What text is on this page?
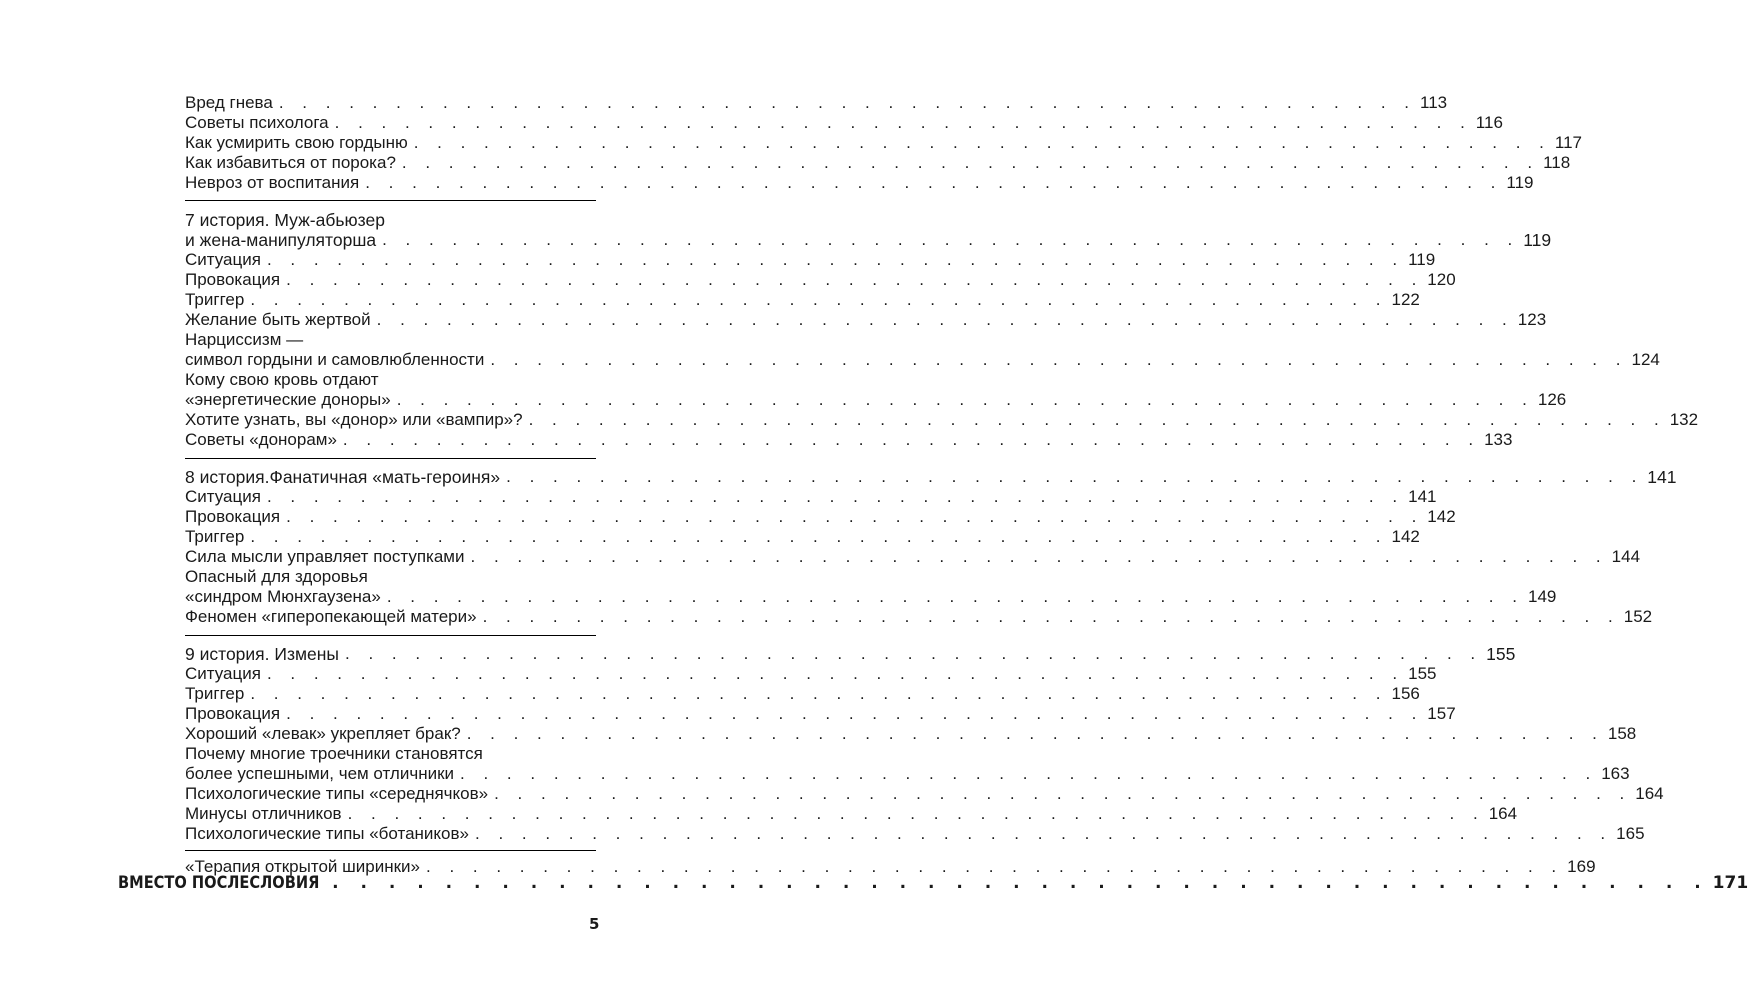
Вред гнева . . . . . . . . . . . . . . . . . . . . . . . . . . . . . . . . . . . . . . . . . . . . . . . . . 113
Советы психолога . . . . . . . . . . . . . . . . . . . . . . . . . . . . . . . . . . . . . . . . . . . . . . . . . 116
Как усмирить свою гордыню . . . . . . . . . . . . . . . . . . . . . . . . . . . . . . . . . . . . . . . . . . . . . . . . . 117
Как избавиться от порока? . . . . . . . . . . . . . . . . . . . . . . . . . . . . . . . . . . . . . . . . . . . . . . . . . 118
Невроз от воспитания . . . . . . . . . . . . . . . . . . . . . . . . . . . . . . . . . . . . . . . . . . . . . . . . . 119
7 история. Муж-абьюзер
и жена-манипуляторша . . . . . . . . . . . . . . . . . . . . . . . . . . . . . . . . . . . . . . . . . . . . . . . . . 119
Ситуация . . . . . . . . . . . . . . . . . . . . . . . . . . . . . . . . . . . . . . . . . . . . . . . . . 119
Провокация . . . . . . . . . . . . . . . . . . . . . . . . . . . . . . . . . . . . . . . . . . . . . . . . . 120
Триггер . . . . . . . . . . . . . . . . . . . . . . . . . . . . . . . . . . . . . . . . . . . . . . . . . 122
Желание быть жертвой . . . . . . . . . . . . . . . . . . . . . . . . . . . . . . . . . . . . . . . . . . . . . . . . . 123
Нарциссизм —
символ гордыни и самовлюбленности . . . . . . . . . . . . . . . . . . . . . . . . . . . . . . . . . . . . . . . . . . . . . . . . . 124
Кому свою кровь отдают
«энергетические доноры» . . . . . . . . . . . . . . . . . . . . . . . . . . . . . . . . . . . . . . . . . . . . . . . . . 126
Хотите узнать, вы «донор» или «вампир»? . . . . . . . . . . . . . . . . . . . . . . . . . . . . . . . . . . . . . . . . . . . . . . . . . 132
Советы «донорам» . . . . . . . . . . . . . . . . . . . . . . . . . . . . . . . . . . . . . . . . . . . . . . . . . 133
8 история.Фанатичная «мать-героиня» . . . . . . . . . . . . . . . . . . . . . . . . . . . . . . . . . . . . . . . . . . . . . . . . . 141
Ситуация . . . . . . . . . . . . . . . . . . . . . . . . . . . . . . . . . . . . . . . . . . . . . . . . . 141
Провокация . . . . . . . . . . . . . . . . . . . . . . . . . . . . . . . . . . . . . . . . . . . . . . . . . 142
Триггер . . . . . . . . . . . . . . . . . . . . . . . . . . . . . . . . . . . . . . . . . . . . . . . . . 142
Сила мысли управляет поступками . . . . . . . . . . . . . . . . . . . . . . . . . . . . . . . . . . . . . . . . . . . . . . . . . 144
Опасный для здоровья
«синдром Мюнхгаузена» . . . . . . . . . . . . . . . . . . . . . . . . . . . . . . . . . . . . . . . . . . . . . . . . . 149
Феномен «гиперопекающей матери» . . . . . . . . . . . . . . . . . . . . . . . . . . . . . . . . . . . . . . . . . . . . . . . . . 152
9 история. Измены . . . . . . . . . . . . . . . . . . . . . . . . . . . . . . . . . . . . . . . . . . . . . . . . . 155
Ситуация . . . . . . . . . . . . . . . . . . . . . . . . . . . . . . . . . . . . . . . . . . . . . . . . . 155
Триггер . . . . . . . . . . . . . . . . . . . . . . . . . . . . . . . . . . . . . . . . . . . . . . . . . 156
Провокация . . . . . . . . . . . . . . . . . . . . . . . . . . . . . . . . . . . . . . . . . . . . . . . . . 157
Хороший «левак» укрепляет брак? . . . . . . . . . . . . . . . . . . . . . . . . . . . . . . . . . . . . . . . . . . . . . . . . . 158
Почему многие троечники становятся
более успешными, чем отличники . . . . . . . . . . . . . . . . . . . . . . . . . . . . . . . . . . . . . . . . . . . . . . . . . 163
Психологические типы «середнячков» . . . . . . . . . . . . . . . . . . . . . . . . . . . . . . . . . . . . . . . . . . . . . . . . . 164
Минусы отличников . . . . . . . . . . . . . . . . . . . . . . . . . . . . . . . . . . . . . . . . . . . . . . . . . 164
Психологические типы «ботаников» . . . . . . . . . . . . . . . . . . . . . . . . . . . . . . . . . . . . . . . . . . . . . . . . . 165
«Терапия открытой ширинки» . . . . . . . . . . . . . . . . . . . . . . . . . . . . . . . . . . . . . . . . . . . . . . . . . 169
ВМЕСТО ПОСЛЕСЛОВИЯ . . . . . . . . . . . . . . . . . . . . . . . . . . . . . . . . . . . . . . . . . . . . . . . . . 171
5
